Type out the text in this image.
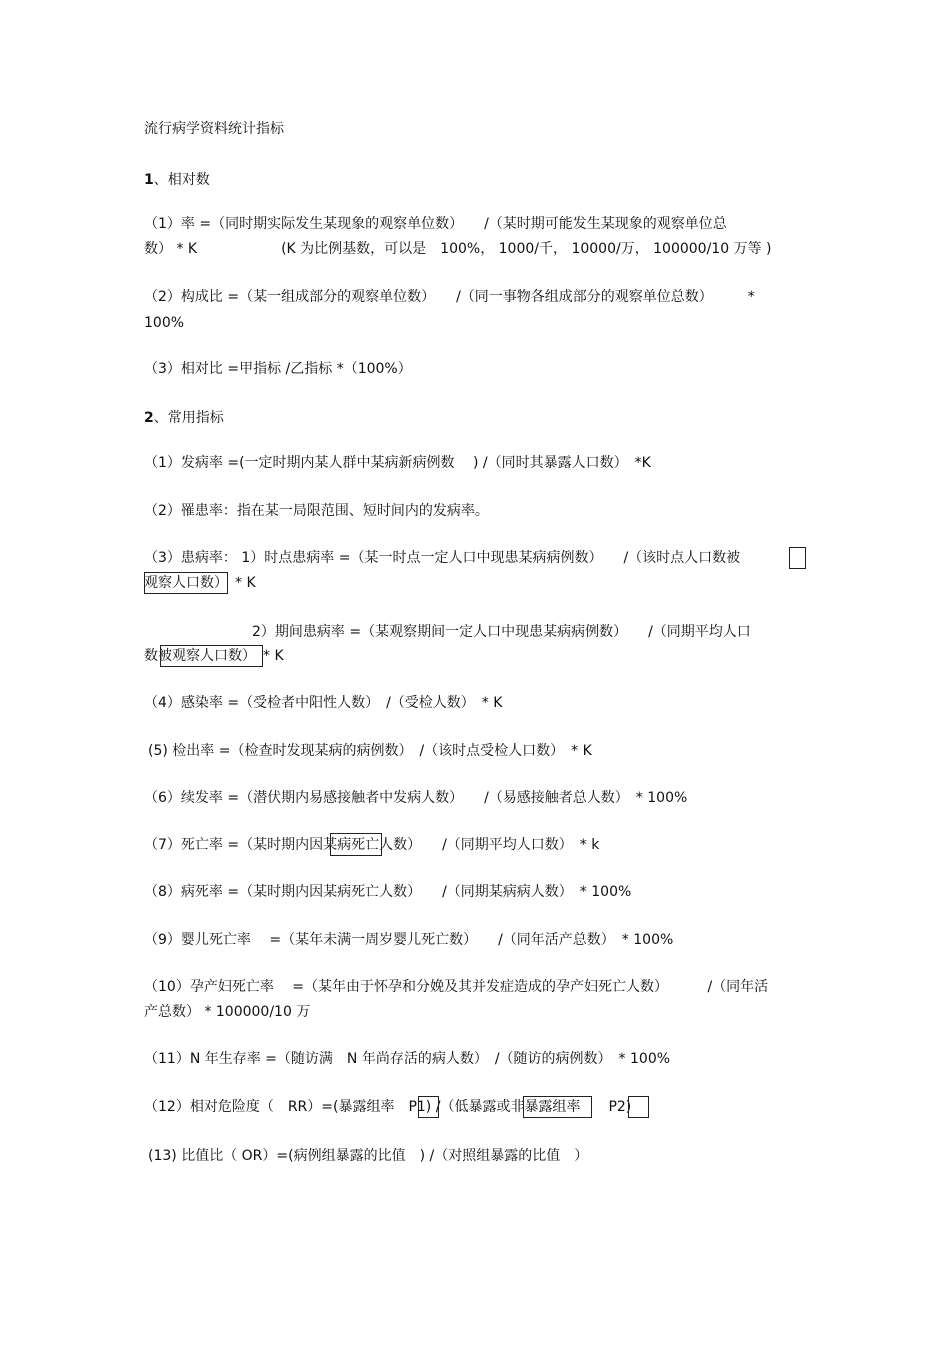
流行病学资料统计指标
1、相对数
（1）率 =（同时期实际发生某现象的观察单位数）　　/（某时期可能发生某现象的观察单位总
数） * K　　　　　　(K 为比例基数，可以是　100%， 1000/千， 10000/万， 100000/10 万等 )
（2）构成比 =（某一组成部分的观察单位数）　　/（同一事物各组成部分的观察单位总数）　　　*
100%
（3）相对比 =甲指标 /乙指标 *（100%）
2、常用指标
（1）发病率 =(一定时期内某人群中某病新病例数　 ) /（同时其暴露人口数）　*K
（2）罹患率：指在某一局限范围、短时间内的发病率。
（3）患病率： 1）时点患病率 =（某一时点一定人口中现患某病病例数）　　/（该时点人口数被
观察人口数）　* K
2）期间患病率 =（某观察期间一定人口中现患某病病例数）　　/（同期平均人口
数被观察人口数）　* K
（4）感染率 =（受检者中阳性人数）　/（受检人数）　* K
(5) 检出率 =（检查时发现某病的病例数）　/（该时点受检人口数）　* K
（6）续发率 =（潜伏期内易感接触者中发病人数）　　/（易感接触者总人数）　* 100%
（7）死亡率 =（某时期内因某病死亡人数）　　/（同期平均人口数）　* k
（8）病死率 =（某时期内因某病死亡人数）　　/（同期某病病人数）　* 100%
（9）婴儿死亡率 　=（某年未满一周岁婴儿死亡数）　　/（同年活产总数）　* 100%
（10）孕产妇死亡率 　=（某年由于怀孕和分娩及其并发症造成的孕产妇死亡人数）　　　 /（同年活
产总数） * 100000/10 万
（11）N 年生存率 =（随访满　N 年尚存活的病人数）　/（随访的病例数）　* 100%
（12）相对危险度（　RR）=(暴露组率　P1) /（低暴露或非暴露组率　　P2)
(13) 比值比（ OR）=(病例组暴露的比值　) /（对照组暴露的比值　）
